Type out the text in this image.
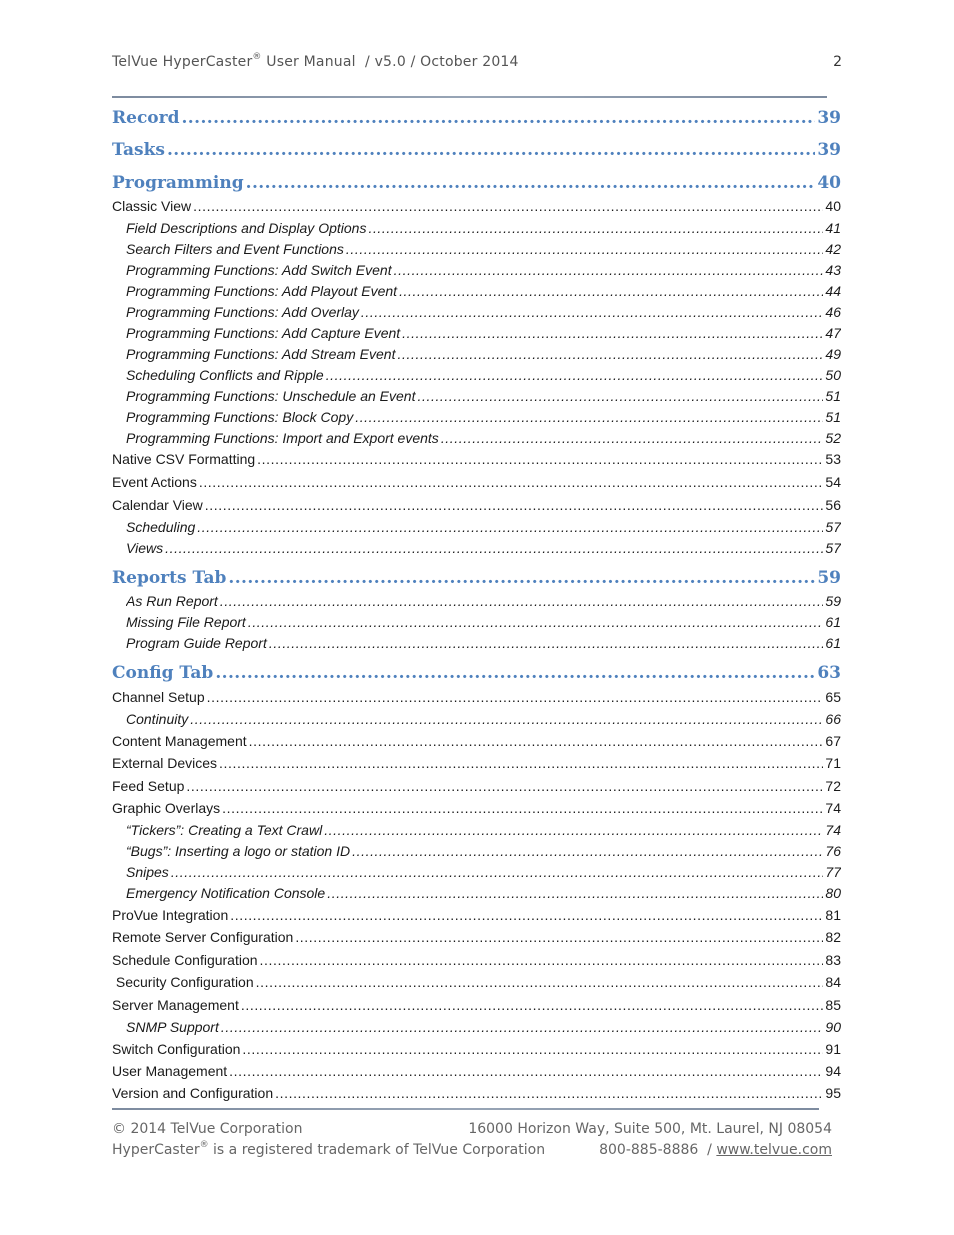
TelVue HyperCaster® User Manual  / v5.0 / October 2014	2
Record .....	39
Tasks .....	39
Programming .....	40
Classic View .....	40
Field Descriptions and Display Options .....	41
Search Filters and Event Functions .....	42
Programming Functions: Add Switch Event .....	43
Programming Functions: Add Playout Event .....	44
Programming Functions: Add Overlay .....	46
Programming Functions: Add Capture Event .....	47
Programming Functions: Add Stream Event .....	49
Scheduling Conflicts and Ripple .....	50
Programming Functions: Unschedule an Event .....	51
Programming Functions: Block Copy .....	51
Programming Functions: Import and Export events .....	52
Native CSV Formatting .....	53
Event Actions .....	54
Calendar View .....	56
Scheduling .....	57
Views .....	57
Reports Tab .....	59
As Run Report .....	59
Missing File Report .....	61
Program Guide Report .....	61
Config Tab .....	63
Channel Setup .....	65
Continuity .....	66
Content Management .....	67
External Devices .....	71
Feed Setup .....	72
Graphic Overlays .....	74
“Tickers”: Creating a Text Crawl .....	74
“Bugs”: Inserting a logo or station ID .....	76
Snipes .....	77
Emergency Notification Console .....	80
ProVue Integration .....	81
Remote Server Configuration .....	82
Schedule Configuration .....	83
Security Configuration .....	84
Server Management .....	85
SNMP Support .....	90
Switch Configuration .....	91
User Management .....	94
Version and Configuration .....	95
© 2014 TelVue Corporation	16000 Horizon Way, Suite 500, Mt. Laurel, NJ 08054
HyperCaster® is a registered trademark of TelVue Corporation	800-885-8886  / www.telvue.com
